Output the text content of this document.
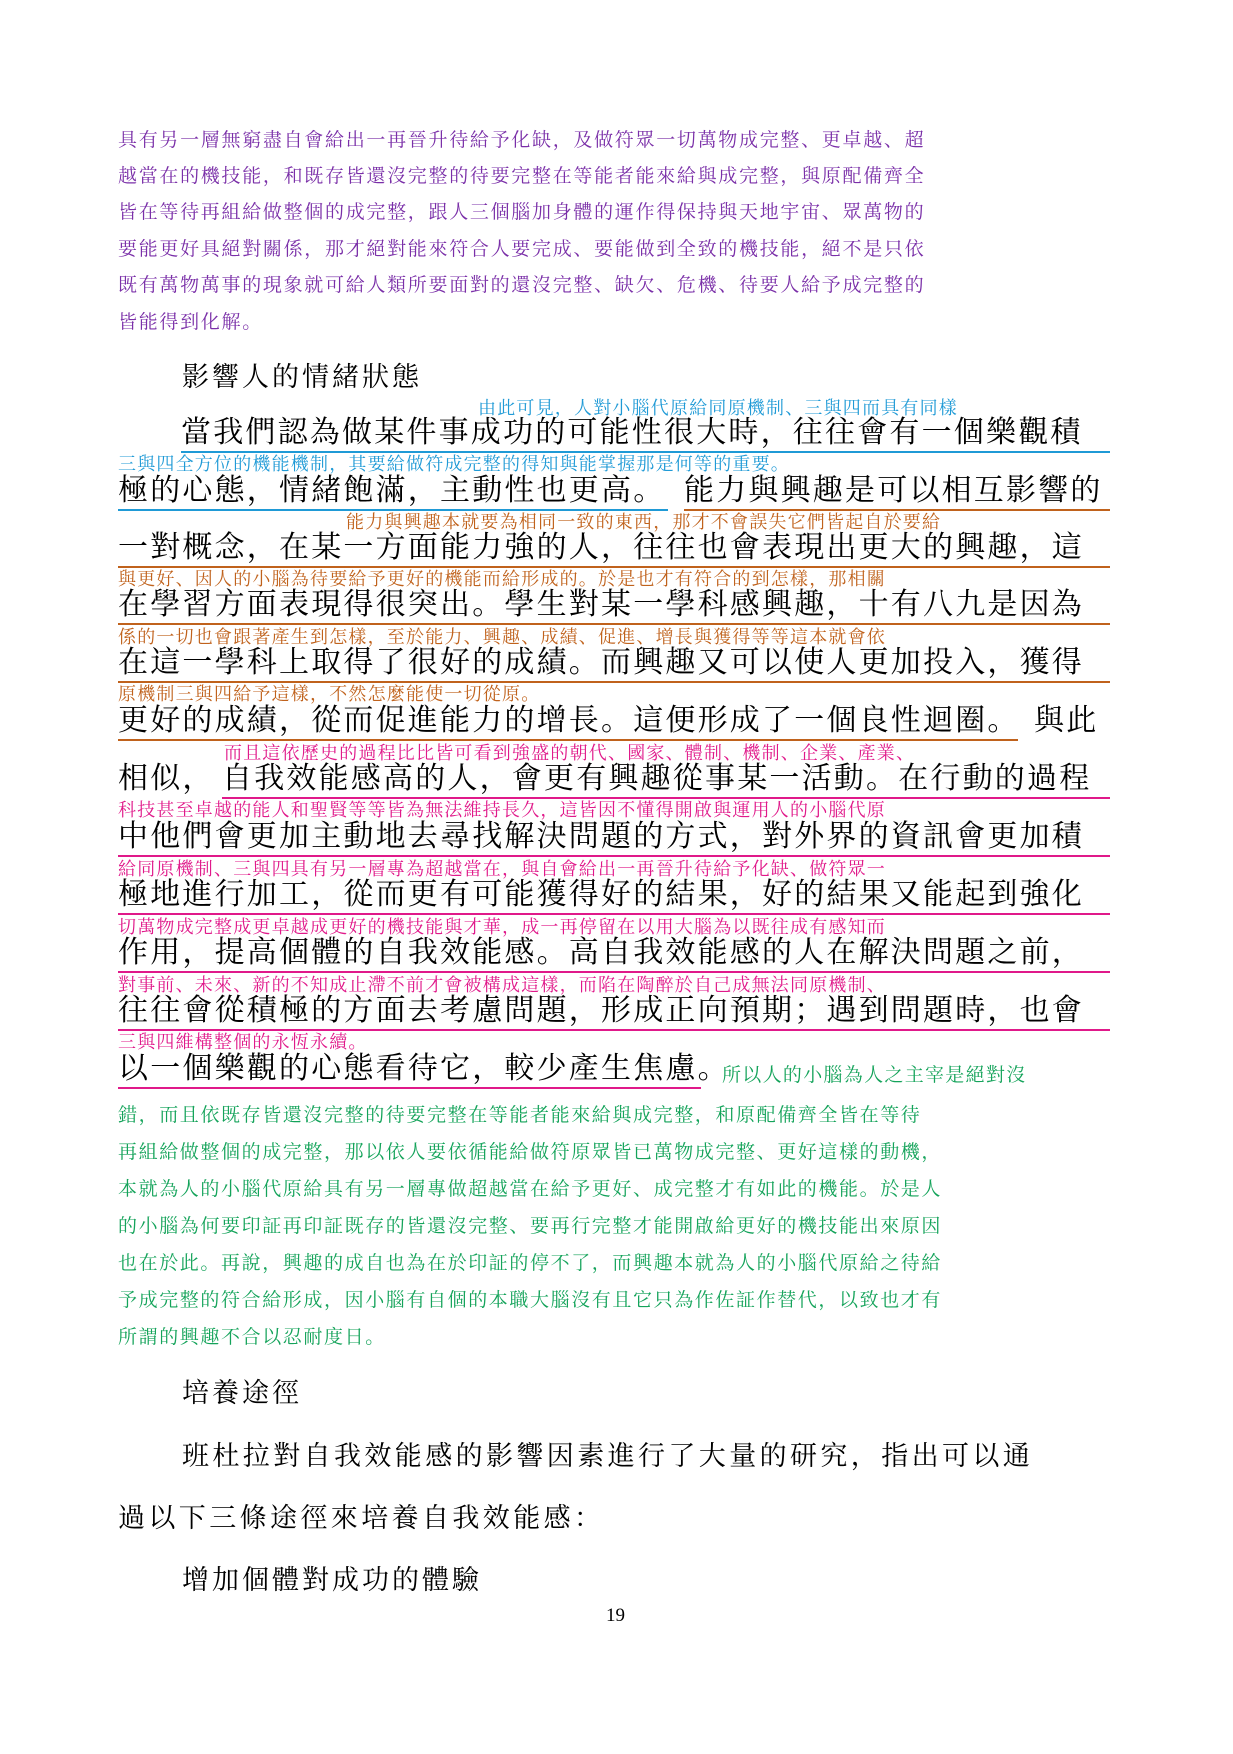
具有另一層無窮盡自會給出一再晉升待給予化缺，及做符眾一切萬物成完整、更卓越、超

越當在的機技能，和既存皆還沒完整的待要完整在等能者能來給與成完整，與原配備齊全

皆在等待再組給做整個的成完整，跟人三個腦加身體的運作得保持與天地宇宙、眾萬物的

要能更好具絕對關係，那才絕對能來符合人要完成、要能做到全致的機技能，絕不是只依

既有萬物萬事的現象就可給人類所要面對的還沒完整、缺欠、危機、待要人給予成完整的

皆能得到化解。

影響人的情緒狀態

由此可見，人對小腦代原給同原機制、三與四而具有同樣

當我們認為做某件事成功的可能性很大時，往往會有一個樂觀積

三與四全方位的機能機制，其要給做符成完整的得知與能掌握那是何等的重要。

極的心態，情緒飽滿，主動性也更高。 能力與興趣是可以相互影響的

能力與興趣本就要為相同一致的東西，那才不會誤失它們皆起自於要給

一對概念，在某一方面能力強的人，往往也會表現出更大的興趣，這

與更好、因人的小腦為待要給予更好的機能而給形成的。於是也才有符合的到怎樣，那相關

在學習方面表現得很突出。學生對某一學科感興趣，十有八九是因為

係的一切也會跟著產生到怎樣，至於能力、興趣、成績、促進、增長與獲得等等這本就會依

在這一學科上取得了很好的成績。而興趣又可以使人更加投入，獲得

原機制三與四給予這樣，不然怎麼能使一切從原。

更好的成績，從而促進能力的增長。這便形成了一個良性迴圈。 與此

而且這依歷史的過程比比皆可看到強盛的朝代、國家、體制、機制、企業、產業、

相似， 自我效能感高的人，會更有興趣從事某一活動。在行動的過程

科技甚至卓越的能人和聖賢等等皆為無法維持長久，這皆因不懂得開啟與運用人的小腦代原

中他們會更加主動地去尋找解決問題的方式，對外界的資訊會更加積

給同原機制、三與四具有另一層專為超越當在，與自會給出一再晉升待給予化缺、做符眾一

極地進行加工，從而更有可能獲得好的結果，好的結果又能起到強化

切萬物成完整成更卓越成更好的機技能與才華，成一再停留在以用大腦為以既往成有感知而

作用，提高個體的自我效能感。高自我效能感的人在解決問題之前，

對事前、未來、新的不知成止滯不前才會被構成這樣，而陷在陶醉於自己成無法同原機制、

往往會從積極的方面去考慮問題，形成正向預期；遇到問題時，也會

三與四維構整個的永恆永續。

以一個樂觀的心態看待它，較少產生焦慮。

所以人的小腦為人之主宰是絕對沒

錯，而且依既存皆還沒完整的待要完整在等能者能來給與成完整，和原配備齊全皆在等待

再組給做整個的成完整，那以依人要依循能給做符原眾皆已萬物成完整、更好這樣的動機，

本就為人的小腦代原給具有另一層專做超越當在給予更好、成完整才有如此的機能。於是人

的小腦為何要印証再印証既存的皆還沒完整、要再行完整才能開啟給更好的機技能出來原因

也在於此。再說，興趣的成自也為在於印証的停不了，而興趣本就為人的小腦代原給之待給

予成完整的符合給形成，因小腦有自個的本職大腦沒有且它只為作佐証作替代，以致也才有

所謂的興趣不合以忍耐度日。

培養途徑

班杜拉對自我效能感的影響因素進行了大量的研究，指出可以通

過以下三條途徑來培養自我效能感：

增加個體對成功的體驗

19
